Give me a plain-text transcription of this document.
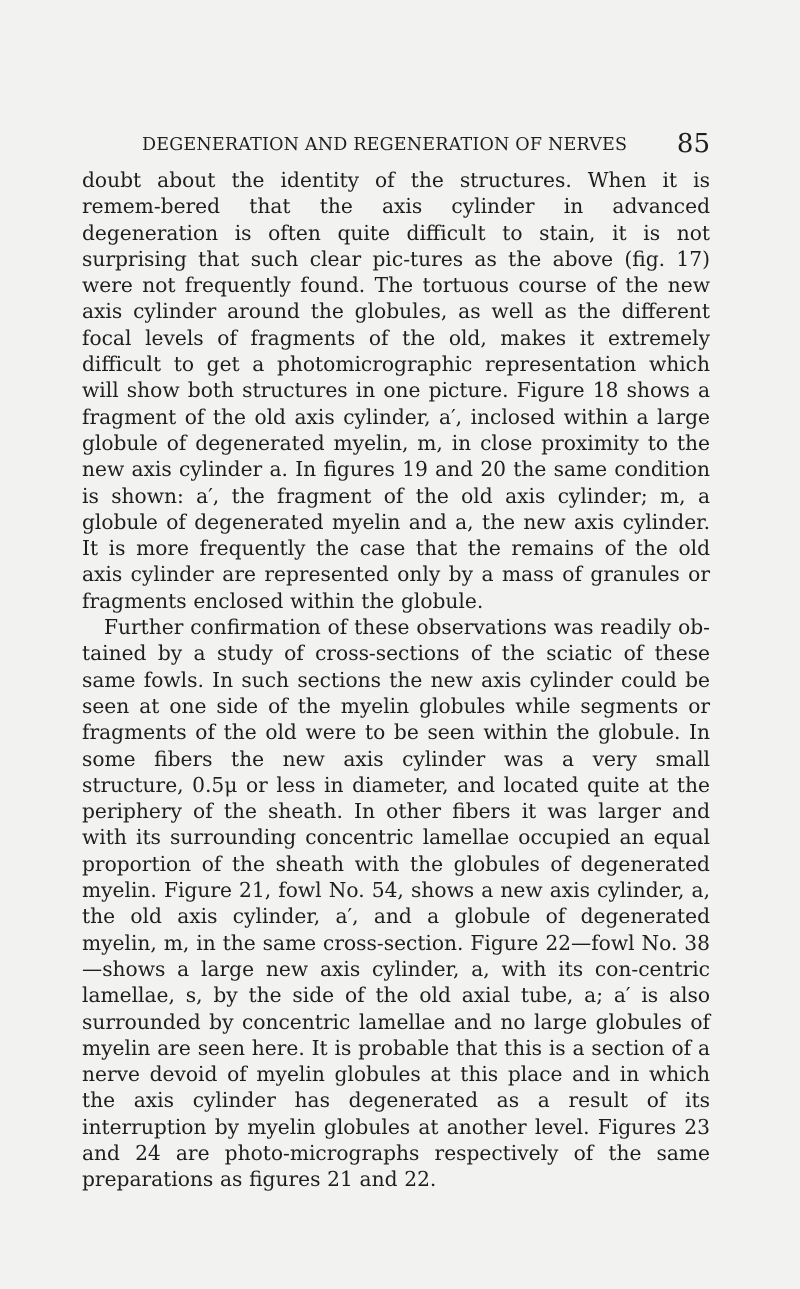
DEGENERATION AND REGENERATION OF NERVES 85

doubt about the identity of the structures. When it is remem-bered that the axis cylinder in advanced degeneration is often quite difficult to stain, it is not surprising that such clear pic-tures as the above (fig. 17) were not frequently found. The tortuous course of the new axis cylinder around the globules, as well as the different focal levels of fragments of the old, makes it extremely difficult to get a photomicrographic representation which will show both structures in one picture. Figure 18 shows a fragment of the old axis cylinder, a′, inclosed within a large globule of degenerated myelin, m, in close proximity to the new axis cylinder a. In figures 19 and 20 the same condition is shown: a′, the fragment of the old axis cylinder; m, a globule of degenerated myelin and a, the new axis cylinder. It is more frequently the case that the remains of the old axis cylinder are represented only by a mass of granules or fragments enclosed within the globule.

Further confirmation of these observations was readily ob-tained by a study of cross-sections of the sciatic of these same fowls. In such sections the new axis cylinder could be seen at one side of the myelin globules while segments or fragments of the old were to be seen within the globule. In some fibers the new axis cylinder was a very small structure, 0.5μ or less in diameter, and located quite at the periphery of the sheath. In other fibers it was larger and with its surrounding concentric lamellae occupied an equal proportion of the sheath with the globules of degenerated myelin. Figure 21, fowl No. 54, shows a new axis cylinder, a, the old axis cylinder, a′, and a globule of degenerated myelin, m, in the same cross-section. Figure 22—fowl No. 38—shows a large new axis cylinder, a, with its con-centric lamellae, s, by the side of the old axial tube, a; a′ is also surrounded by concentric lamellae and no large globules of myelin are seen here. It is probable that this is a section of a nerve devoid of myelin globules at this place and in which the axis cylinder has degenerated as a result of its interruption by myelin globules at another level. Figures 23 and 24 are photo-micrographs respectively of the same preparations as figures 21 and 22.
